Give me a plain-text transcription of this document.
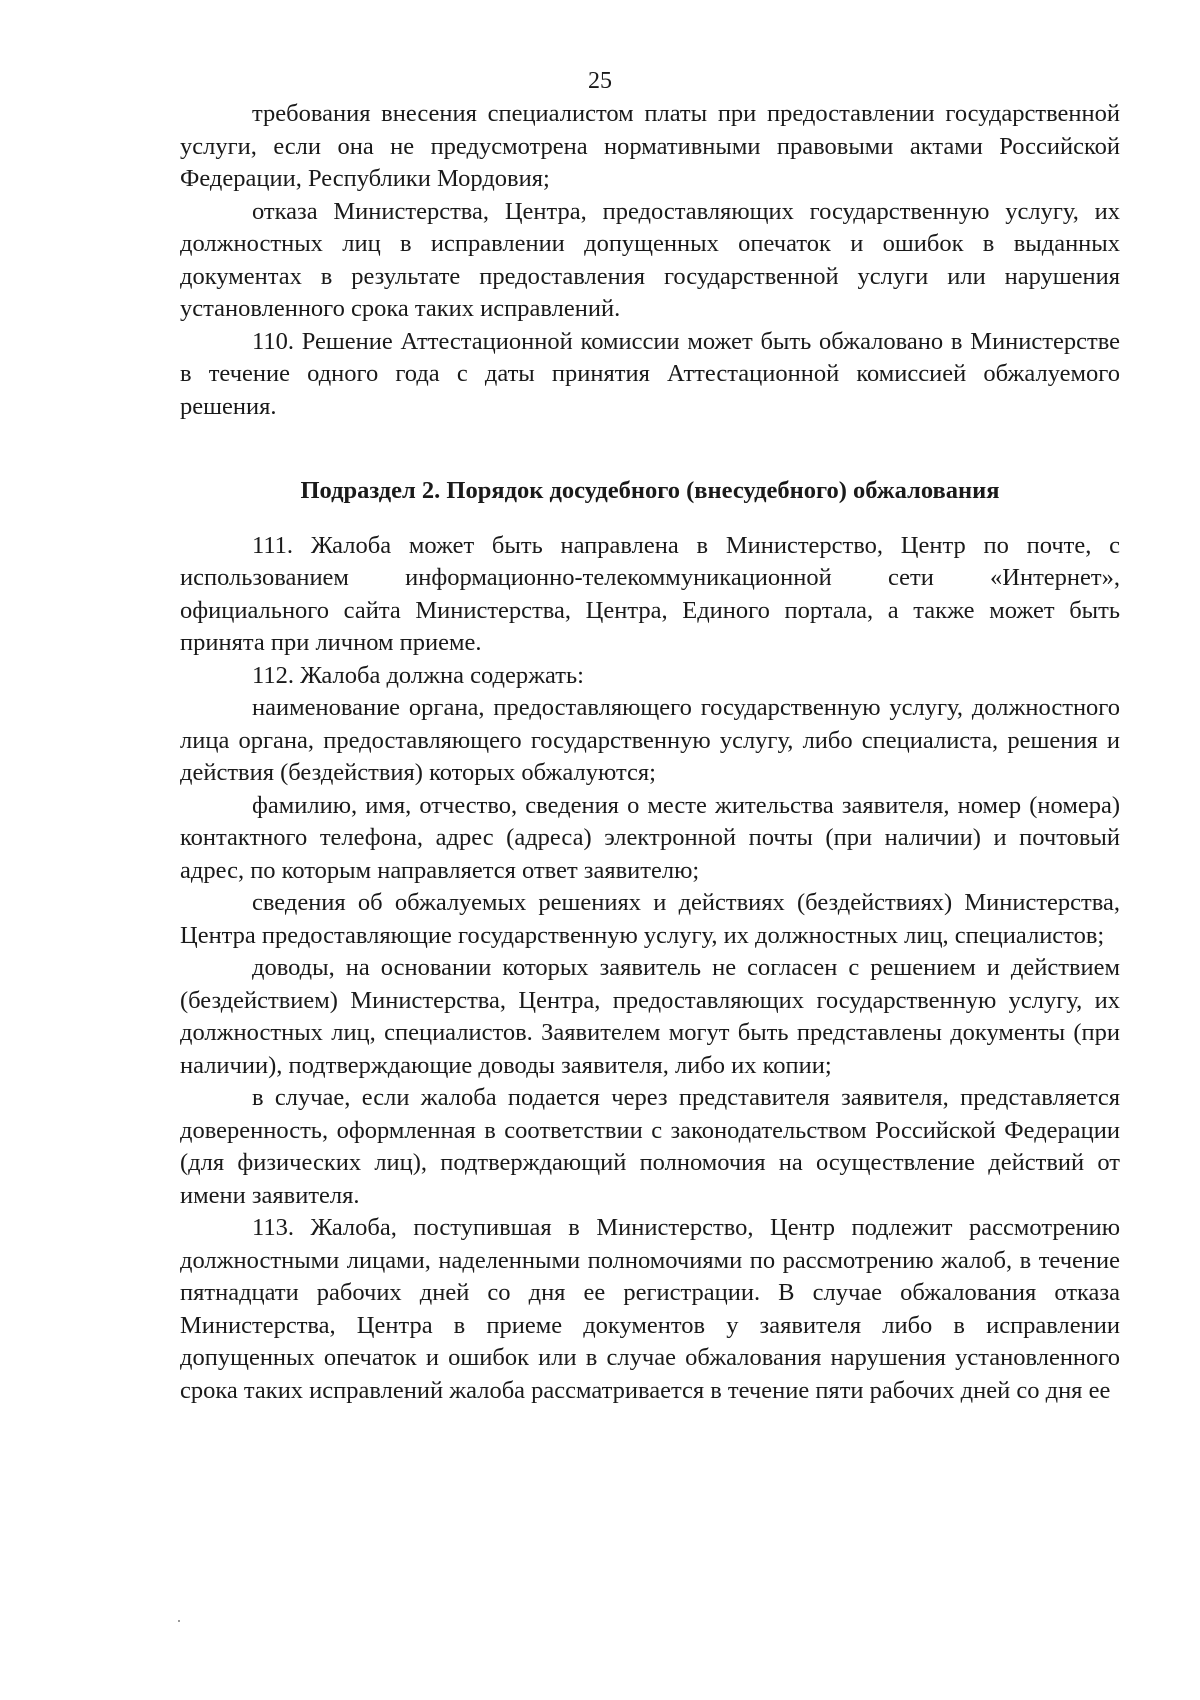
25

требования внесения специалистом платы при предоставлении государственной услуги, если она не предусмотрена нормативными правовыми актами Российской Федерации, Республики Мордовия;

отказа Министерства, Центра, предоставляющих государственную услугу, их должностных лиц в исправлении допущенных опечаток и ошибок в выданных документах в результате предоставления государственной услуги или нарушения установленного срока таких исправлений.

110. Решение Аттестационной комиссии может быть обжаловано в Министерстве в течение одного года с даты принятия Аттестационной комиссией обжалуемого решения.

Подраздел 2. Порядок досудебного (внесудебного) обжалования

111. Жалоба может быть направлена в Министерство, Центр по почте, с использованием информационно-телекоммуникационной сети «Интернет», официального сайта Министерства, Центра, Единого портала, а также может быть принята при личном приеме.

112. Жалоба должна содержать:

наименование органа, предоставляющего государственную услугу, должностного лица органа, предоставляющего государственную услугу, либо специалиста, решения и действия (бездействия) которых обжалуются;

фамилию, имя, отчество, сведения о месте жительства заявителя, номер (номера) контактного телефона, адрес (адреса) электронной почты (при наличии) и почтовый адрес, по которым направляется ответ заявителю;

сведения об обжалуемых решениях и действиях (бездействиях) Министерства, Центра предоставляющие государственную услугу, их должностных лиц, специалистов;

доводы, на основании которых заявитель не согласен с решением и действием (бездействием) Министерства, Центра, предоставляющих государственную услугу, их должностных лиц, специалистов. Заявителем могут быть представлены документы (при наличии), подтверждающие доводы заявителя, либо их копии;

в случае, если жалоба подается через представителя заявителя, представляется доверенность, оформленная в соответствии с законодательством Российской Федерации (для физических лиц), подтверждающий полномочия на осуществление действий от имени заявителя.

113. Жалоба, поступившая в Министерство, Центр подлежит рассмотрению должностными лицами, наделенными полномочиями по рассмотрению жалоб, в течение пятнадцати рабочих дней со дня ее регистрации. В случае обжалования отказа Министерства, Центра в приеме документов у заявителя либо в исправлении допущенных опечаток и ошибок или в случае обжалования нарушения установленного срока таких исправлений жалоба рассматривается в течение пяти рабочих дней со дня ее
